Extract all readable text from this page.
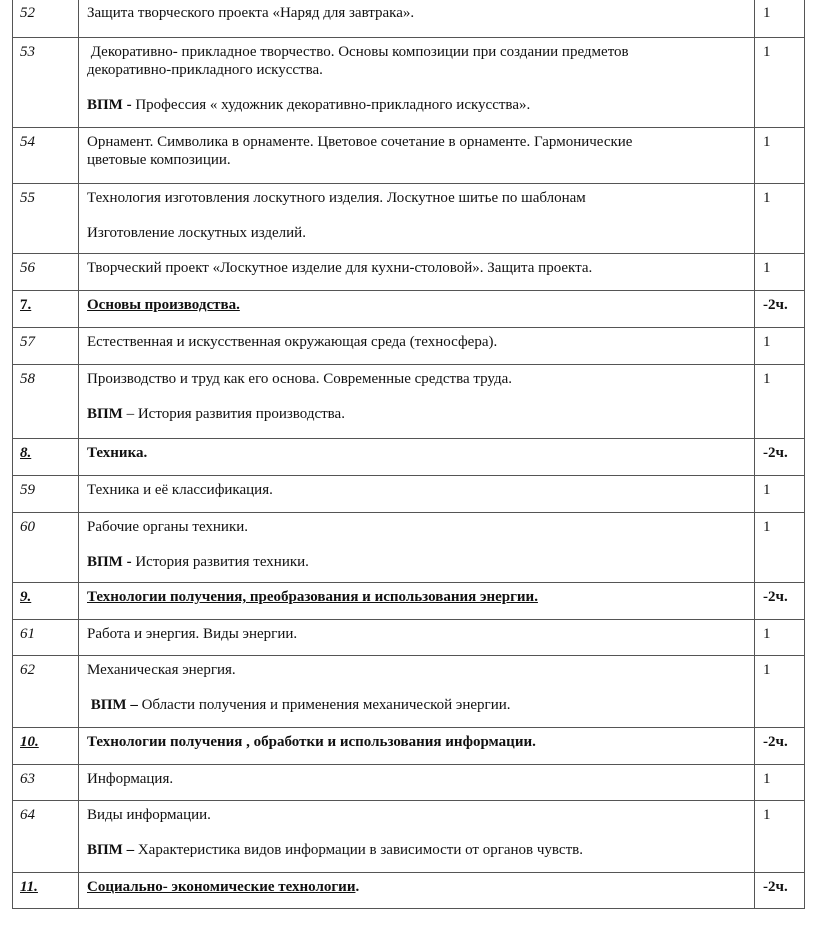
52	Защита творческого проекта «Наряд для завтрака».	1
53	Декоративно- прикладное творчество. Основы композиции при создании предметов
декоративно-прикладного искусства.
ВПМ - Профессия « художник декоративно-прикладного искусства».	1
54	Орнамент. Символика в орнаменте. Цветовое сочетание в орнаменте. Гармонические
цветовые композиции.	1
55	Технология изготовления лоскутного изделия. Лоскутное шитье по шаблонам
Изготовление лоскутных изделий.	1
56	Творческий проект «Лоскутное изделие для кухни-столовой». Защита проекта.	1
7.	Основы производства.	-2ч.
57	Естественная и искусственная окружающая среда (техносфера).	1
58	Производство и труд как его основа. Современные средства труда.
ВПМ – История развития производства.	1
8.	Техника.	-2ч.
59	Техника и её классификация.	1
60	Рабочие органы техники.
ВПМ - История развития техники.	1
9.	Технологии получения, преобразования и использования энергии.	-2ч.
61	Работа и энергия. Виды энергии.	1
62	Механическая энергия.
ВПМ – Области получения и применения механической энергии.	1
10.	Технологии получения , обработки и использования информации.	-2ч.
63	Информация.	1
64	Виды информации.
ВПМ – Характеристика видов информации в зависимости от органов чувств.	1
11.	Социально- экономические технологии.	-2ч.
